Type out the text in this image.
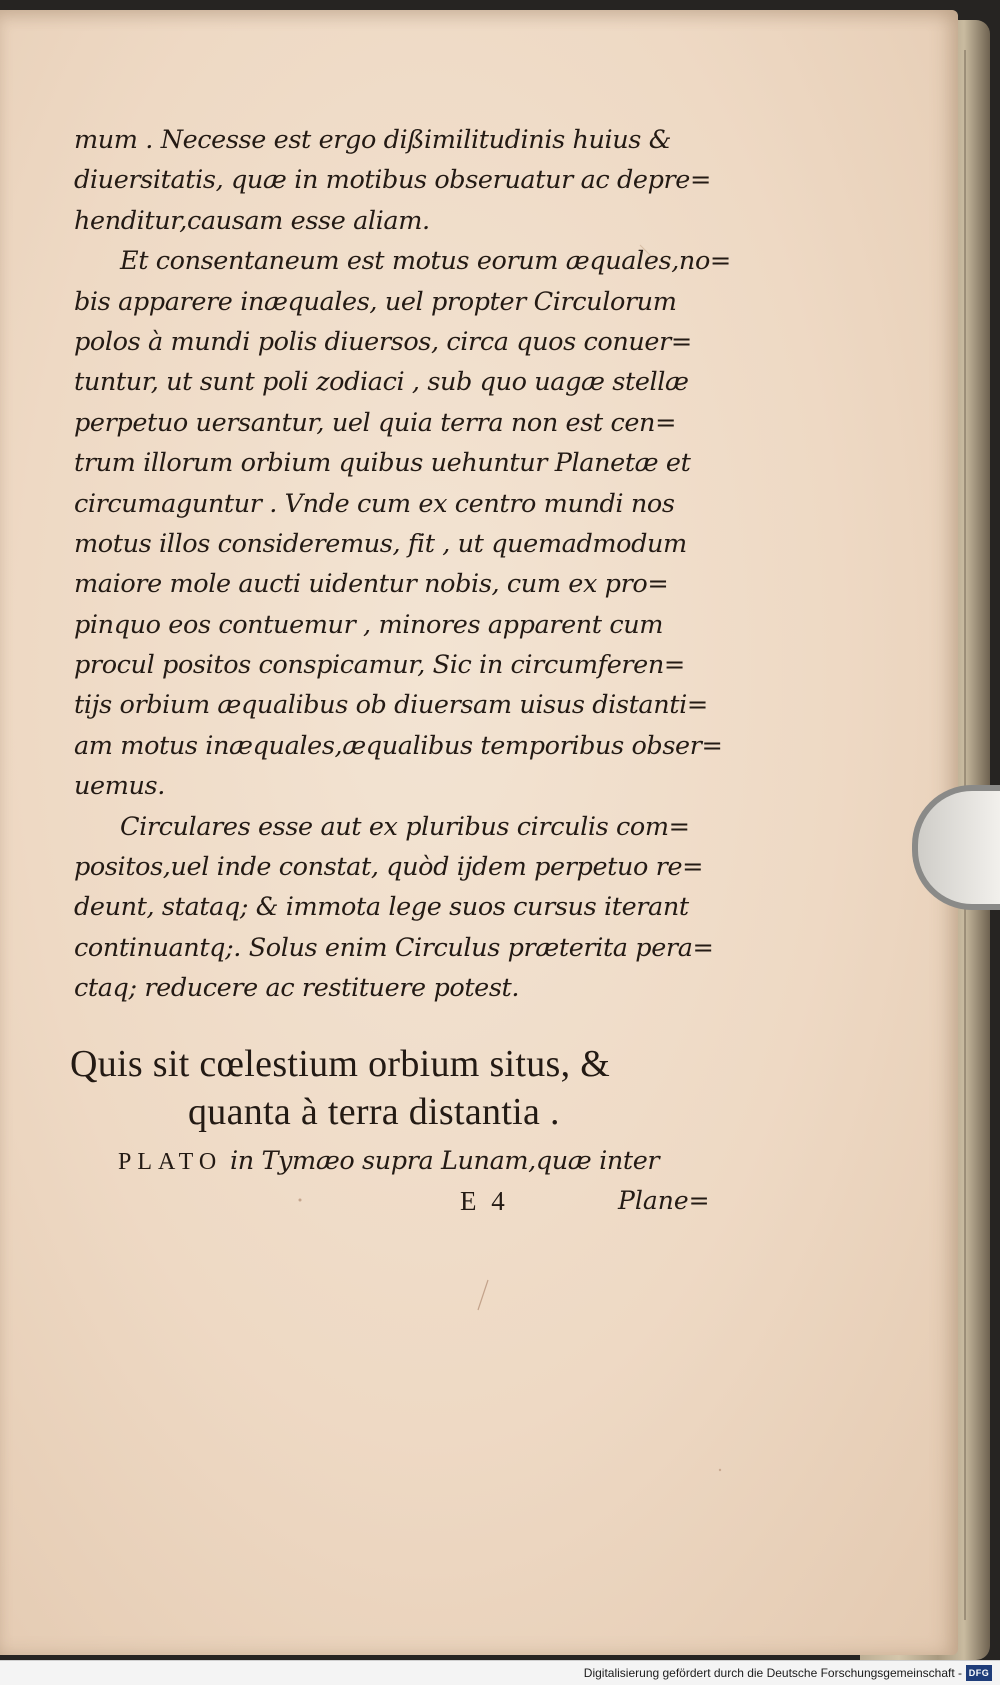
mum . Necesse est ergo dißimilitudinis huius &
diuersitatis, quæ in motibus obseruatur ac depre=
henditur,causam esse aliam.
Et consentaneum est motus eorum æquales,no=
bis apparere inæquales, uel propter Circulorum
polos à mundi polis diuersos, circa quos conuer=
tuntur, ut sunt poli zodiaci , sub quo uagæ stellæ
perpetuo uersantur, uel quia terra non est cen=
trum illorum orbium quibus uehuntur Planetæ et
circumaguntur . Vnde cum ex centro mundi nos
motus illos consideremus, fit , ut quemadmodum
maiore mole aucti uidentur nobis, cum ex pro=
pinquo eos contuemur , minores apparent cum
procul positos conspicamur, Sic in circumferen=
tijs orbium æqualibus ob diuersam uisus distanti=
am motus inæquales,æqualibus temporibus obser=
uemus.
Circulares esse aut ex pluribus circulis com=
positos,uel inde constat, quòd ijdem perpetuo re=
deunt, stataq; & immota lege suos cursus iterant
continuantq;. Solus enim Circulus præterita pera=
ctaq; reducere ac restituere potest.
Quis sit cœlestium orbium situs, &
quanta à terra distantia .
PLATO in Tymæo supra Lunam,quæ inter
E 4	Plane=
Digitalisierung gefördert durch die Deutsche Forschungsgemeinschaft - DFG
